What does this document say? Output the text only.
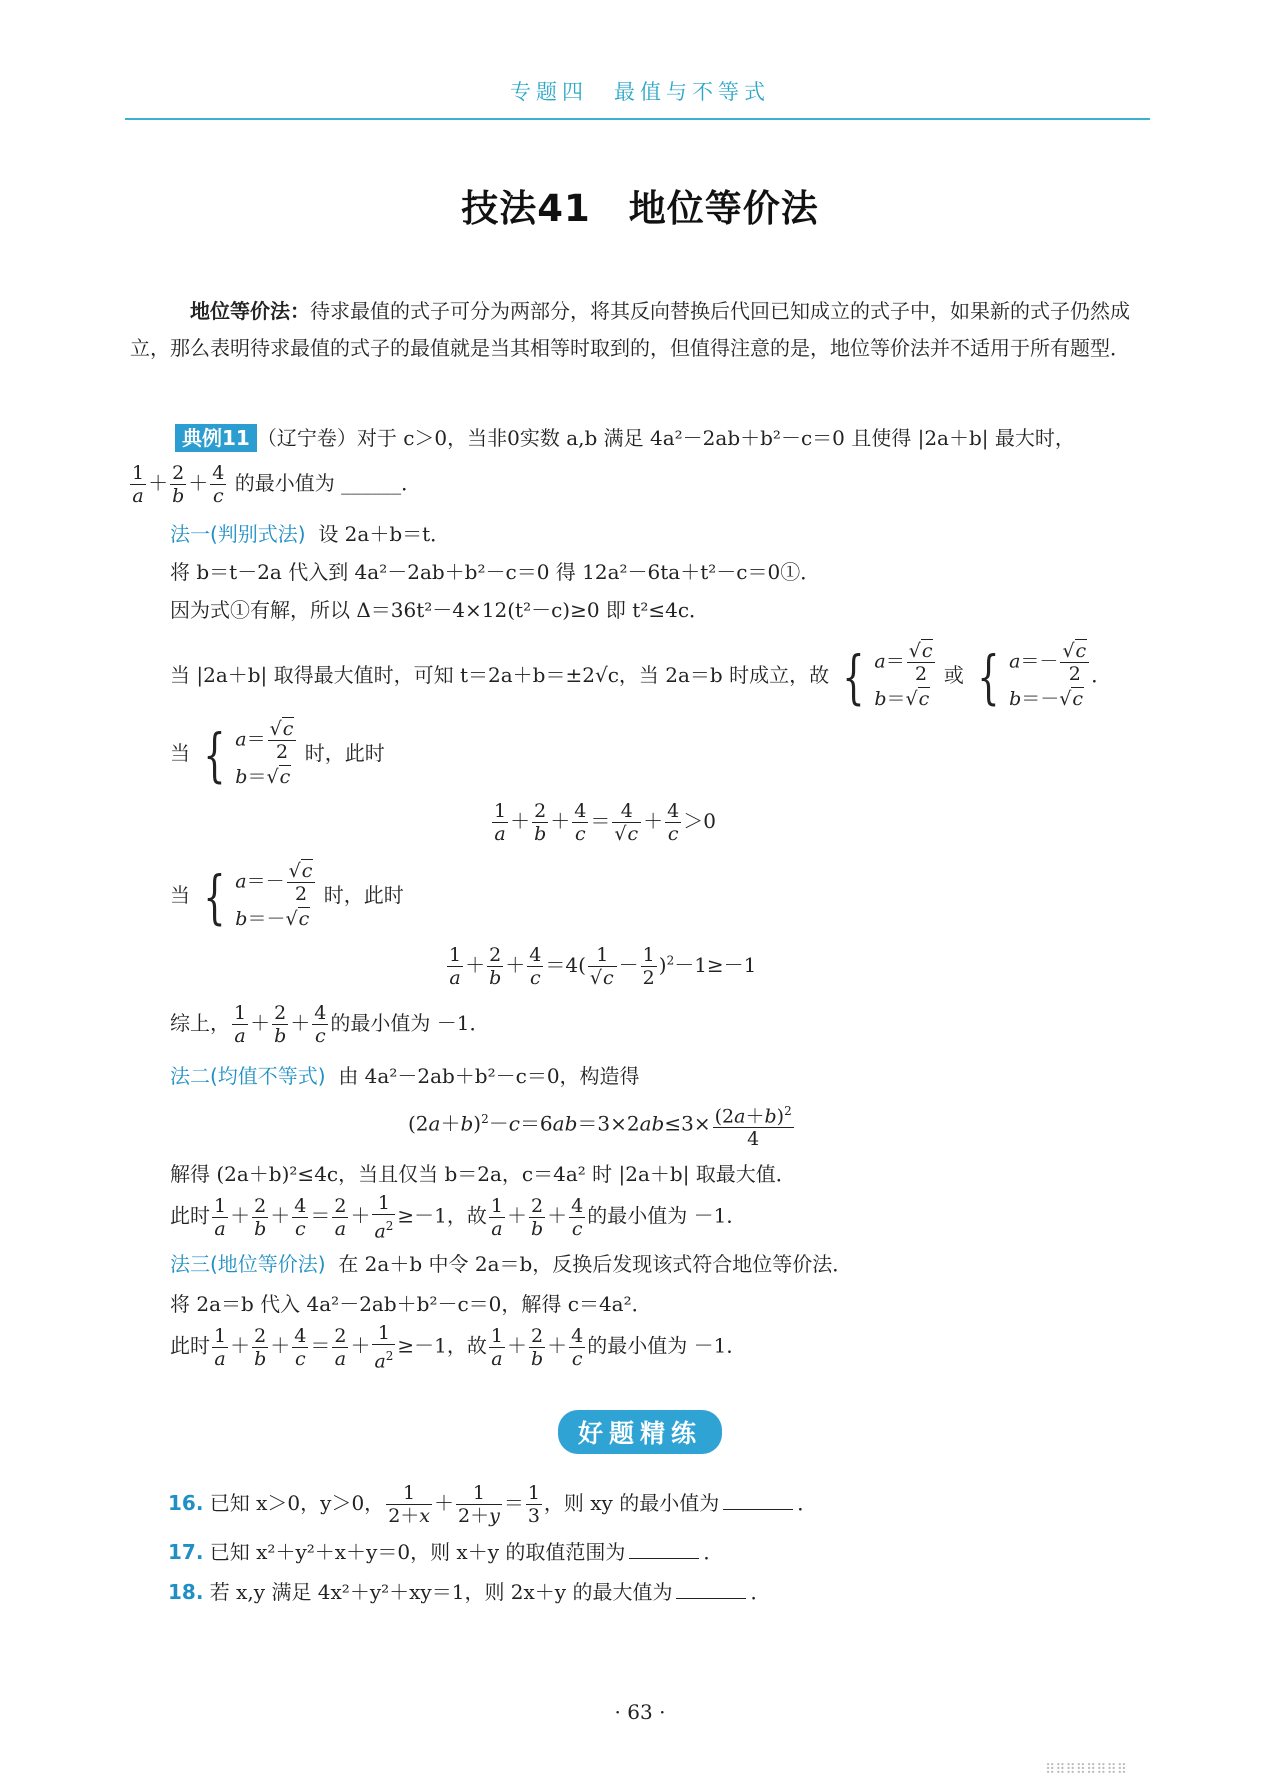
专题四　最值与不等式
技法41　地位等价法
地位等价法：待求最值的式子可分为两部分，将其反向替换后代回已知成立的式子中，如果新的式子仍然成立，那么表明待求最值的式子的最值就是当其相等时取到的，但值得注意的是，地位等价法并不适用于所有题型．
典例11 （辽宁卷）对于 c＞0，当非0实数 a,b 满足 4a²－2ab＋b²－c＝0 且使得 |2a＋b| 最大时，
$\frac{1}{a} + \frac{2}{b} + \frac{4}{c}$ 的最小值为 ______．
法一(判别式法) 设 2a＋b＝t．
将 b＝t－2a 代入到 4a²－2ab＋b²－c＝0 得 12a²－6ta＋t²－c＝0①．
因为式①有解，所以 Δ＝36t²－4×12(t²－c)≥0 即 t²≤4c．
当 |2a＋b| 取得最大值时，可知 t＝2a＋b＝±2√c，当 2a＝b 时成立，故 { $a= \frac{√c}{2}$

b＝√c 或 { $a=- \frac{√c}{2}$

b＝－√c．
当 { $a= \frac{√c}{2}$

b＝√c 时，此时
$\frac{1}{a} + \frac{2}{b} + \frac{4}{c} = \frac{4}{√c} + \frac{4}{c} >0$
当 { $a=- \frac{√c}{2}$

b＝－√c 时，此时
$\frac{1}{a} + \frac{2}{b} + \frac{4}{c} =4( \frac{1}{√c} - \frac{1}{2} )^2-1\ge-1$
综上， $\frac{1}{a} + \frac{2}{b} + \frac{4}{c}$ 的最小值为 －1．
法二(均值不等式) 由 4a²－2ab＋b²－c＝0，构造得
$(2a+b)^2-c=6ab=3\times 2ab\le 3\times \frac{(2a+b)^2}{4}$
解得 (2a＋b)²≤4c，当且仅当 b＝2a，c＝4a² 时 |2a＋b| 取最大值．
此时 $\frac{1}{a} + \frac{2}{b} + \frac{4}{c} = \frac{2}{a} + \frac{1}{a^2} \ge-1$，故 $\frac{1}{a} + \frac{2}{b} + \frac{4}{c}$ 的最小值为 －1．
法三(地位等价法) 在 2a＋b 中令 2a＝b，反换后发现该式符合地位等价法．
将 2a＝b 代入 4a²－2ab＋b²－c＝0，解得 c＝4a²．
此时 $\frac{1}{a} + \frac{2}{b} + \frac{4}{c} = \frac{2}{a} + \frac{1}{a^2} \ge-1$，故 $\frac{1}{a} + \frac{2}{b} + \frac{4}{c}$ 的最小值为 －1．
好题精练
16. 已知 x＞0，y＞0， $\frac{1}{2+x} + \frac{1}{2+y} = \frac{1}{3}$ ，则 xy 的最小值为	．
17. 已知 x²＋y²＋x＋y＝0，则 x＋y 的取值范围为	．
18. 若 x,y 满足 4x²＋y²＋xy＝1，则 2x＋y 的最大值为	．
· 63 ·
⠿⠿⠿⠿⠿⠿⠿⠿
